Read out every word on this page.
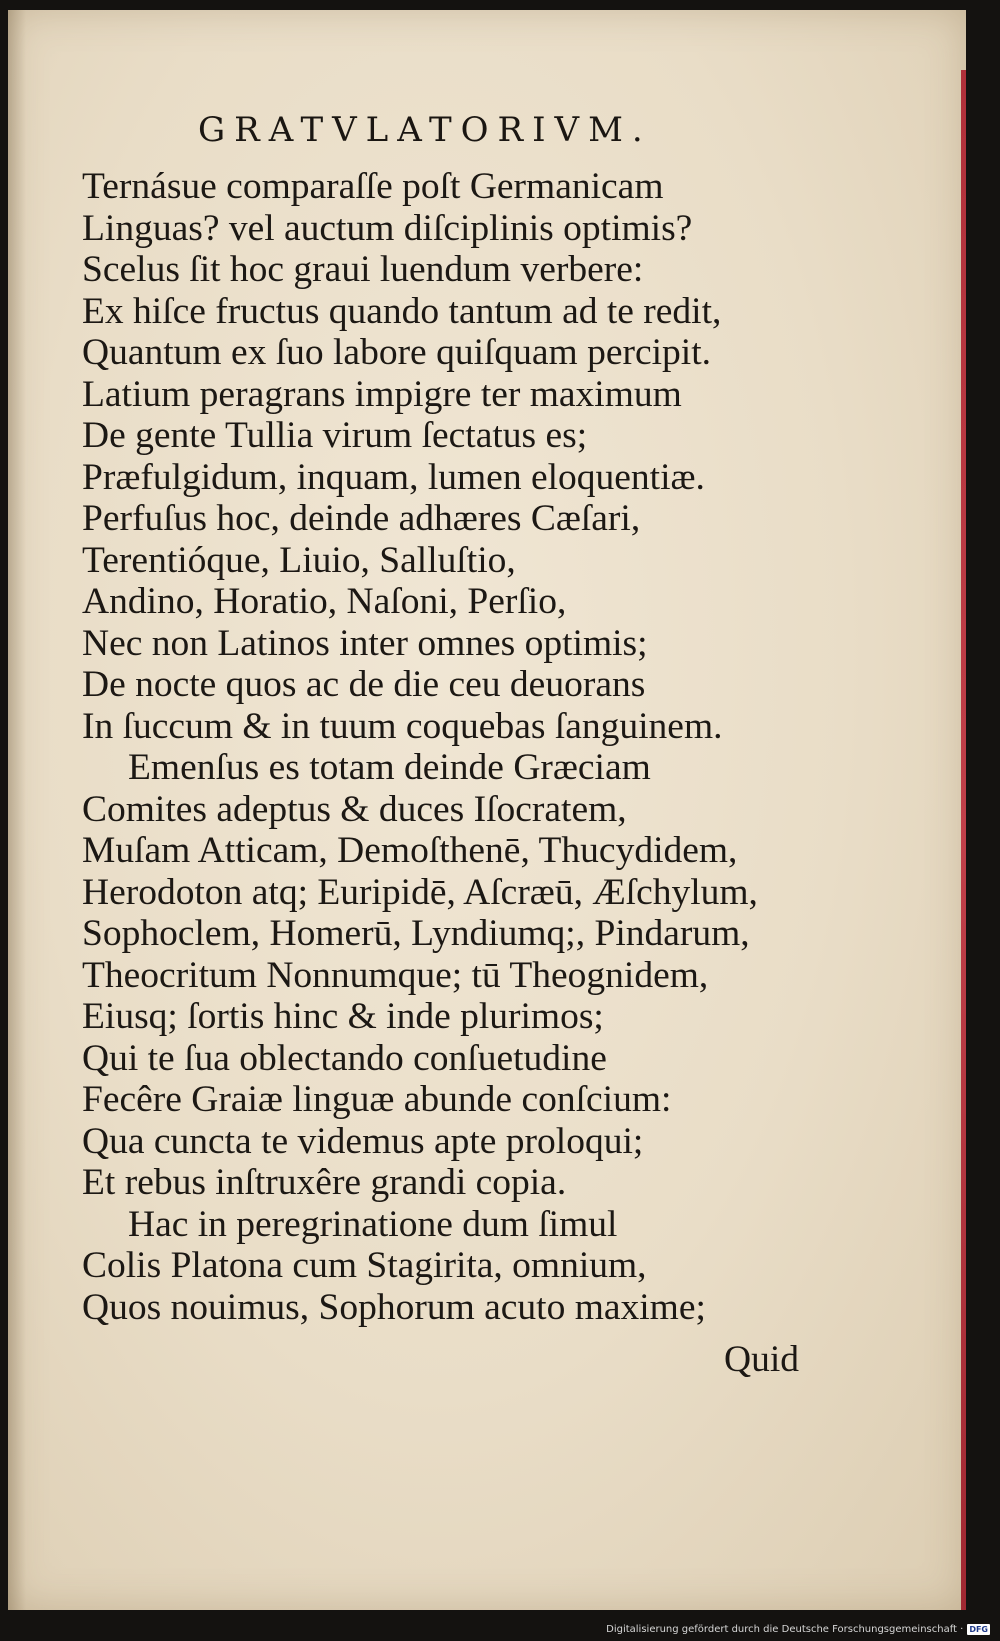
GRATVLATORIVM.
Ternásue comparaſſe poſt Germanicam
Linguas? vel auctum diſciplinis optimis?
Scelus ſit hoc graui luendum verbere:
Ex hiſce fructus quando tantum ad te redit,
Quantum ex ſuo labore quiſquam percipit.
Latium peragrans impigre ter maximum
De gente Tullia virum ſectatus es;
Præfulgidum, inquam, lumen eloquentiæ.
Perfuſus hoc, deinde adhæres Cæſari,
Terentióque, Liuio, Salluſtio,
Andino, Horatio, Naſoni, Perſio,
Nec non Latinos inter omnes optimis;
De nocte quos ac de die ceu deuorans
In ſuccum & in tuum coquebas ſanguinem.
Emenſus es totam deinde Græciam
Comites adeptus & duces Iſocratem,
Muſam Atticam, Demoſthenē, Thucydidem,
Herodoton atq; Euripidē, Aſcræū, Æſchylum,
Sophoclem, Homerū, Lyndiumq;, Pindarum,
Theocritum Nonnumque; tū Theognidem,
Eiusq; ſortis hinc & inde plurimos;
Qui te ſua oblectando conſuetudine
Fecêre Graiæ linguæ abunde conſcium:
Qua cuncta te videmus apte proloqui;
Et rebus inſtruxêre grandi copia.
Hac in peregrinatione dum ſimul
Colis Platona cum Stagirita, omnium,
Quos nouimus, Sophorum acuto maxime;
Quid
Digitalisierung gefördert durch die Deutsche Forschungsgemeinschaft · DFG
